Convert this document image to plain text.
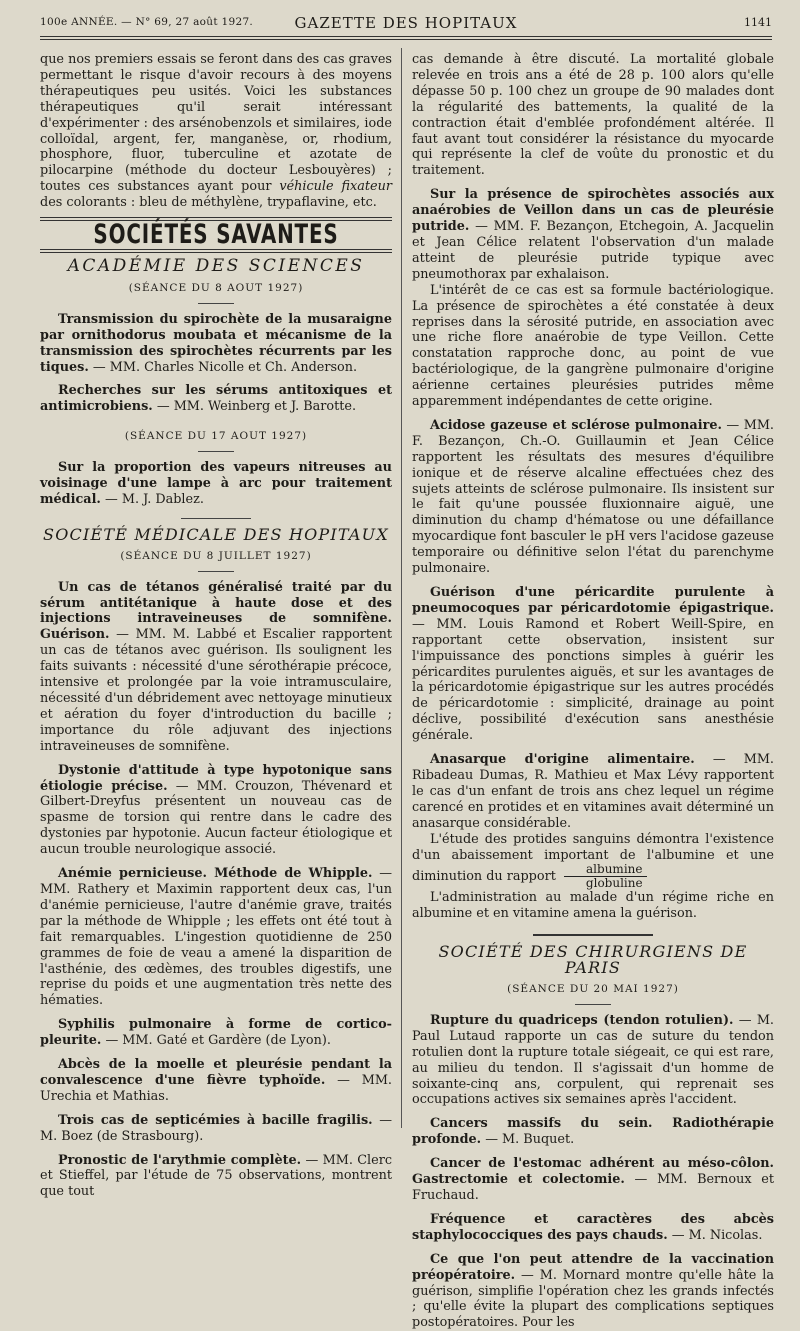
100e ANNÉE. — N° 69, 27 août 1927.	GAZETTE DES HOPITAUX	1141

que nos premiers essais se feront dans des cas graves permettant le risque d'avoir recours à des moyens thérapeutiques peu usités. Voici les substances thérapeutiques qu'il serait intéressant d'expérimenter : des arsénobenzols et similaires, iode colloïdal, argent, fer, manganèse, or, rhodium, phosphore, fluor, tuberculine et azotate de pilocarpine (méthode du docteur Lesbouyères) ; toutes ces substances ayant pour véhicule fixateur des colorants : bleu de méthylène, trypaflavine, etc.

SOCIÉTÉS SAVANTES
ACADÉMIE DES SCIENCES
(SÉANCE DU 8 AOUT 1927)

Transmission du spirochète de la musaraigne par ornithodorus moubata et mécanisme de la transmission des spirochètes récurrents par les tiques. — MM. Charles Nicolle et Ch. Anderson.

Recherches sur les sérums antitoxiques et antimicrobiens. — MM. Weinberg et J. Barotte.

(SÉANCE DU 17 AOUT 1927)

Sur la proportion des vapeurs nitreuses au voisinage d'une lampe à arc pour traitement médical. — M. J. Dablez.

SOCIÉTÉ MÉDICALE DES HOPITAUX
(SÉANCE DU 8 JUILLET 1927)

Un cas de tétanos généralisé traité par du sérum antitétanique à haute dose et des injections intraveineuses de somnifène. Guérison. — MM. M. Labbé et Escalier rapportent un cas de tétanos avec guérison. Ils soulignent les faits suivants : nécessité d'une sérothérapie précoce, intensive et prolongée par la voie intramusculaire, nécessité d'un débridement avec nettoyage minutieux et aération du foyer d'introduction du bacille ; importance du rôle adjuvant des injections intraveineuses de somnifène.

Dystonie d'attitude à type hypotonique sans étiologie précise. — MM. Crouzon, Thévenard et Gilbert-Dreyfus présentent un nouveau cas de spasme de torsion qui rentre dans le cadre des dystonies par hypotonie. Aucun facteur étiologique et aucun trouble neurologique associé.

Anémie pernicieuse. Méthode de Whipple. — MM. Rathery et Maximin rapportent deux cas, l'un d'anémie pernicieuse, l'autre d'anémie grave, traités par la méthode de Whipple ; les effets ont été tout à fait remarquables. L'ingestion quotidienne de 250 grammes de foie de veau a amené la disparition de l'asthénie, des œdèmes, des troubles digestifs, une reprise du poids et une augmentation très nette des hématies.

Syphilis pulmonaire à forme de cortico-pleurite. — MM. Gaté et Gardère (de Lyon).

Abcès de la moelle et pleurésie pendant la convalescence d'une fièvre typhoïde. — MM. Urechia et Mathias.

Trois cas de septicémies à bacille fragilis. — M. Boez (de Strasbourg).

Pronostic de l'arythmie complète. — MM. Clerc et Stieffel, par l'étude de 75 observations, montrent que tout

cas demande à être discuté. La mortalité globale relevée en trois ans a été de 28 p. 100 alors qu'elle dépasse 50 p. 100 chez un groupe de 90 malades dont la régularité des battements, la qualité de la contraction était d'emblée profondément altérée. Il faut avant tout considérer la résistance du myocarde qui représente la clef de voûte du pronostic et du traitement.

Sur la présence de spirochètes associés aux anaérobies de Veillon dans un cas de pleurésie putride. — MM. F. Bezançon, Etchegoin, A. Jacquelin et Jean Célice relatent l'observation d'un malade atteint de pleurésie putride typique avec pneumothorax par exhalaison.

L'intérêt de ce cas est sa formule bactériologique. La présence de spirochètes a été constatée à deux reprises dans la sérosité putride, en association avec une riche flore anaérobie de type Veillon. Cette constatation rapproche donc, au point de vue bactériologique, de la gangrène pulmonaire d'origine aérienne certaines pleurésies putrides même apparemment indépendantes de cette origine.

Acidose gazeuse et sclérose pulmonaire. — MM. F. Bezançon, Ch.-O. Guillaumin et Jean Célice rapportent les résultats des mesures d'équilibre ionique et de réserve alcaline effectuées chez des sujets atteints de sclérose pulmonaire. Ils insistent sur le fait qu'une poussée fluxionnaire aiguë, une diminution du champ d'hématose ou une défaillance myocardique font basculer le pH vers l'acidose gazeuse temporaire ou définitive selon l'état du parenchyme pulmonaire.

Guérison d'une péricardite purulente à pneumocoques par péricardotomie épigastrique. — MM. Louis Ramond et Robert Weill-Spire, en rapportant cette observation, insistent sur l'impuissance des ponctions simples à guérir les péricardites purulentes aiguës, et sur les avantages de la péricardotomie épigastrique sur les autres procédés de péricardotomie : simplicité, drainage au point déclive, possibilité d'exécution sans anesthésie générale.

Anasarque d'origine alimentaire. — MM. Ribadeau Dumas, R. Mathieu et Max Lévy rapportent le cas d'un enfant de trois ans chez lequel un régime carencé en protides et en vitamines avait déterminé un anasarque considérable.

L'étude des protides sanguins démontra l'existence d'un abaissement important de l'albumine et une diminution du rapport $\frac{\text{albumine}}{\text{globuline}}$

L'administration au malade d'un régime riche en albumine et en vitamine amena la guérison.

SOCIÉTÉ DES CHIRURGIENS DE PARIS
(SÉANCE DU 20 MAI 1927)

Rupture du quadriceps (tendon rotulien). — M. Paul Lutaud rapporte un cas de suture du tendon rotulien dont la rupture totale siégeait, ce qui est rare, au milieu du tendon. Il s'agissait d'un homme de soixante-cinq ans, corpulent, qui reprenait ses occupations actives six semaines après l'accident.

Cancers massifs du sein. Radiothérapie profonde. — M. Buquet.

Cancer de l'estomac adhérent au méso-côlon. Gastrectomie et colectomie. — MM. Bernoux et Fruchaud.

Fréquence et caractères des abcès staphylococciques des pays chauds. — M. Nicolas.

Ce que l'on peut attendre de la vaccination préopératoire. — M. Mornard montre qu'elle hâte la guérison, simplifie l'opération chez les grands infectés ; qu'elle évite la plupart des complications septiques postopératoires. Pour les
